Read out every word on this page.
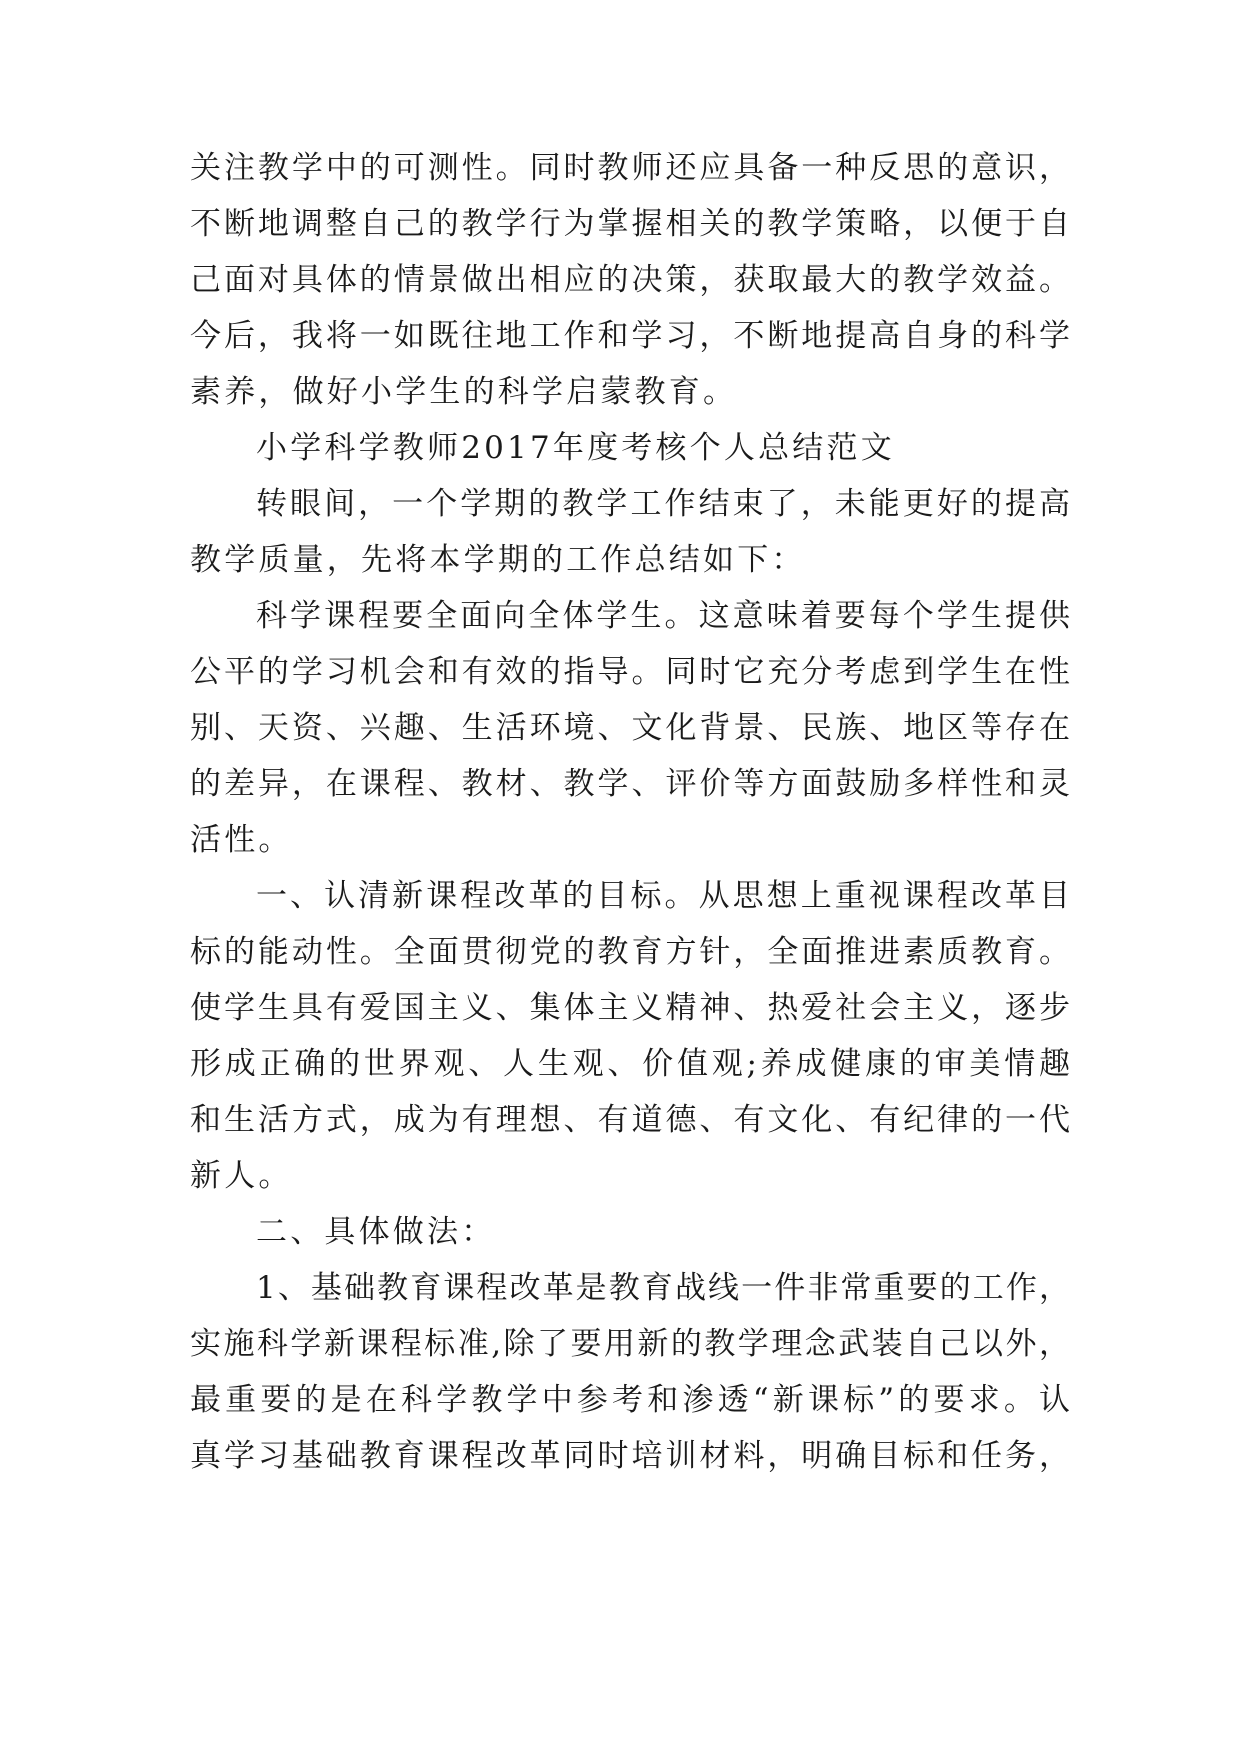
关注教学中的可测性。同时教师还应具备一种反思的意识，
不断地调整自己的教学行为掌握相关的教学策略，以便于自
己面对具体的情景做出相应的决策，获取最大的教学效益。
今后，我将一如既往地工作和学习，不断地提高自身的科学
素养，做好小学生的科学启蒙教育。
小学科学教师2017年度考核个人总结范文
转眼间，一个学期的教学工作结束了，未能更好的提高
教学质量，先将本学期的工作总结如下：
科学课程要全面向全体学生。这意味着要每个学生提供
公平的学习机会和有效的指导。同时它充分考虑到学生在性
别、天资、兴趣、生活环境、文化背景、民族、地区等存在
的差异，在课程、教材、教学、评价等方面鼓励多样性和灵
活性。
一、认清新课程改革的目标。从思想上重视课程改革目
标的能动性。全面贯彻党的教育方针，全面推进素质教育。
使学生具有爱国主义、集体主义精神、热爱社会主义，逐步
形成正确的世界观、人生观、价值观;养成健康的审美情趣
和生活方式，成为有理想、有道德、有文化、有纪律的一代
新人。
二、具体做法：
1、基础教育课程改革是教育战线一件非常重要的工作，
实施科学新课程标准,除了要用新的教学理念武装自己以外，
最重要的是在科学教学中参考和渗透“新课标”的要求。认
真学习基础教育课程改革同时培训材料，明确目标和任务，
